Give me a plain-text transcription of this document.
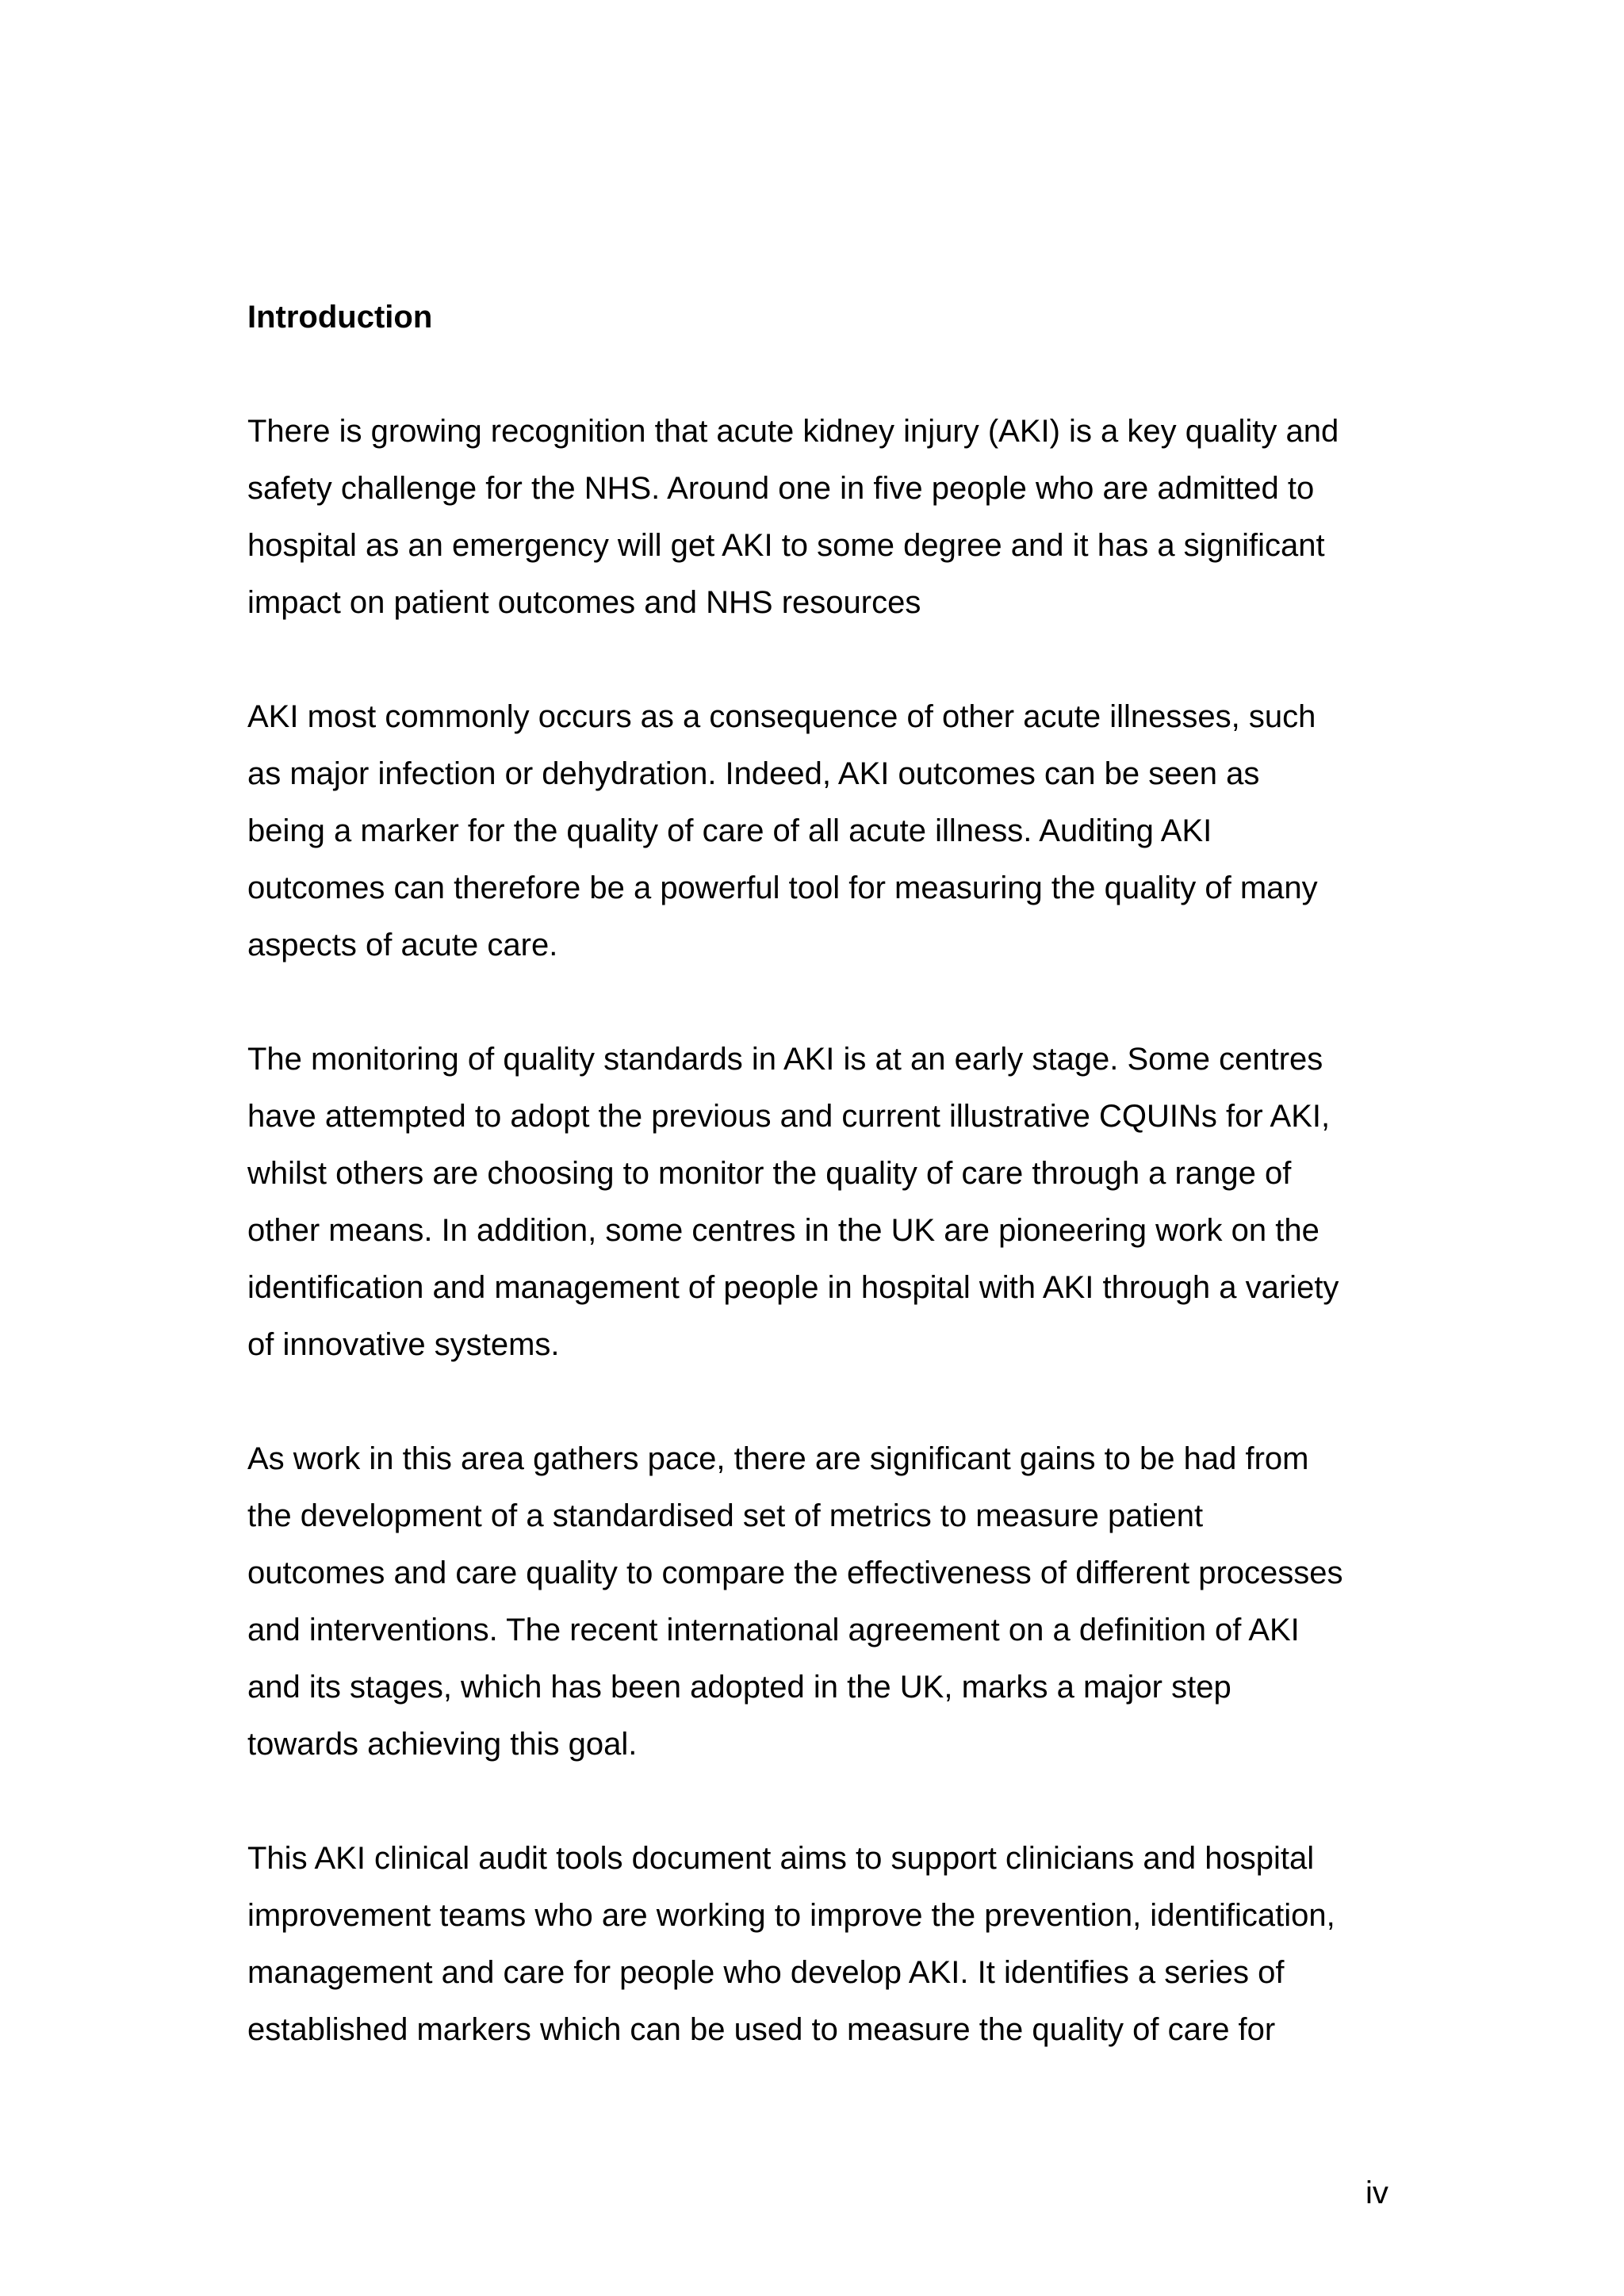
Introduction

There is growing recognition that acute kidney injury (AKI) is a key quality and
safety challenge for the NHS. Around one in five people who are admitted to
hospital as an emergency will get AKI to some degree and it has a significant
impact on patient outcomes and NHS resources

AKI most commonly occurs as a consequence of other acute illnesses, such
as major infection or dehydration. Indeed, AKI outcomes can be seen as
being a marker for the quality of care of all acute illness. Auditing AKI
outcomes can therefore be a powerful tool for measuring the quality of many
aspects of acute care.

The monitoring of quality standards in AKI is at an early stage. Some centres
have attempted to adopt the previous and current illustrative CQUINs for AKI,
whilst others are choosing to monitor the quality of care through a range of
other means. In addition, some centres in the UK are pioneering work on the
identification and management of people in hospital with AKI through a variety
of innovative systems.

As work in this area gathers pace, there are significant gains to be had from
the development of a standardised set of metrics to measure patient
outcomes and care quality to compare the effectiveness of different processes
and interventions. The recent international agreement on a definition of AKI
and its stages, which has been adopted in the UK, marks a major step
towards achieving this goal.

This AKI clinical audit tools document aims to support clinicians and hospital
improvement teams who are working to improve the prevention, identification,
management and care for people who develop AKI. It identifies a series of
established markers which can be used to measure the quality of care for

iv
